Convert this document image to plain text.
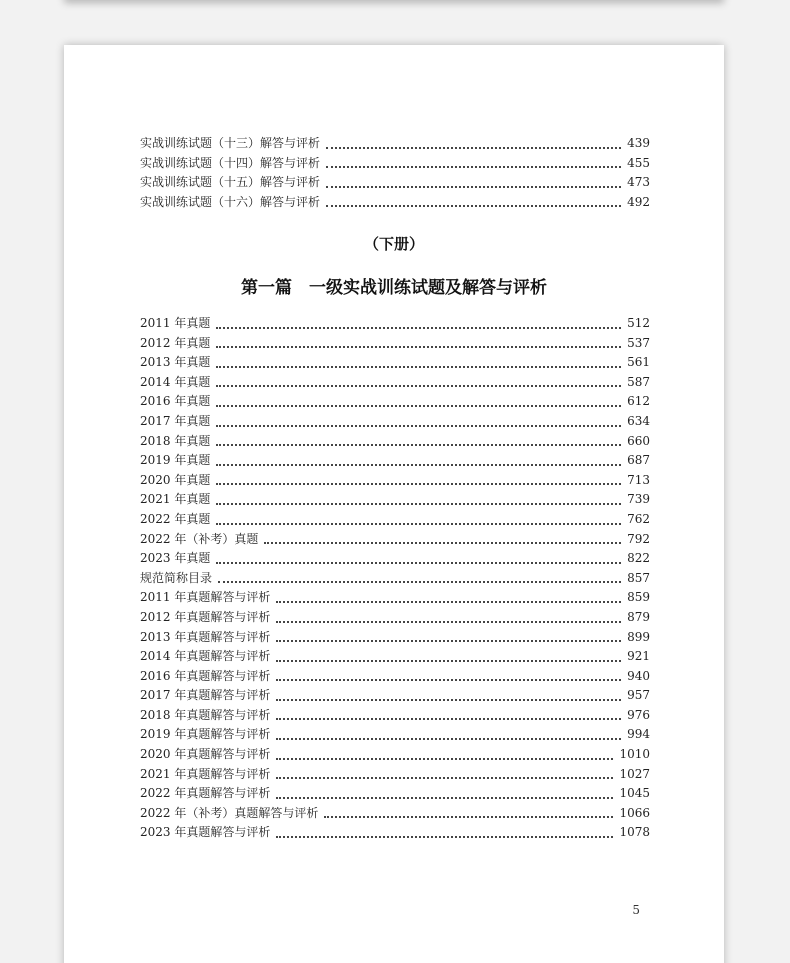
实战训练试题（十三）解答与评析	439
实战训练试题（十四）解答与评析	455
实战训练试题（十五）解答与评析	473
实战训练试题（十六）解答与评析	492
（下册）
第一篇　一级实战训练试题及解答与评析
2011 年真题	512
2012 年真题	537
2013 年真题	561
2014 年真题	587
2016 年真题	612
2017 年真题	634
2018 年真题	660
2019 年真题	687
2020 年真题	713
2021 年真题	739
2022 年真题	762
2022 年（补考）真题	792
2023 年真题	822
规范简称目录	857
2011 年真题解答与评析	859
2012 年真题解答与评析	879
2013 年真题解答与评析	899
2014 年真题解答与评析	921
2016 年真题解答与评析	940
2017 年真题解答与评析	957
2018 年真题解答与评析	976
2019 年真题解答与评析	994
2020 年真题解答与评析	1010
2021 年真题解答与评析	1027
2022 年真题解答与评析	1045
2022 年（补考）真题解答与评析	1066
2023 年真题解答与评析	1078
5
